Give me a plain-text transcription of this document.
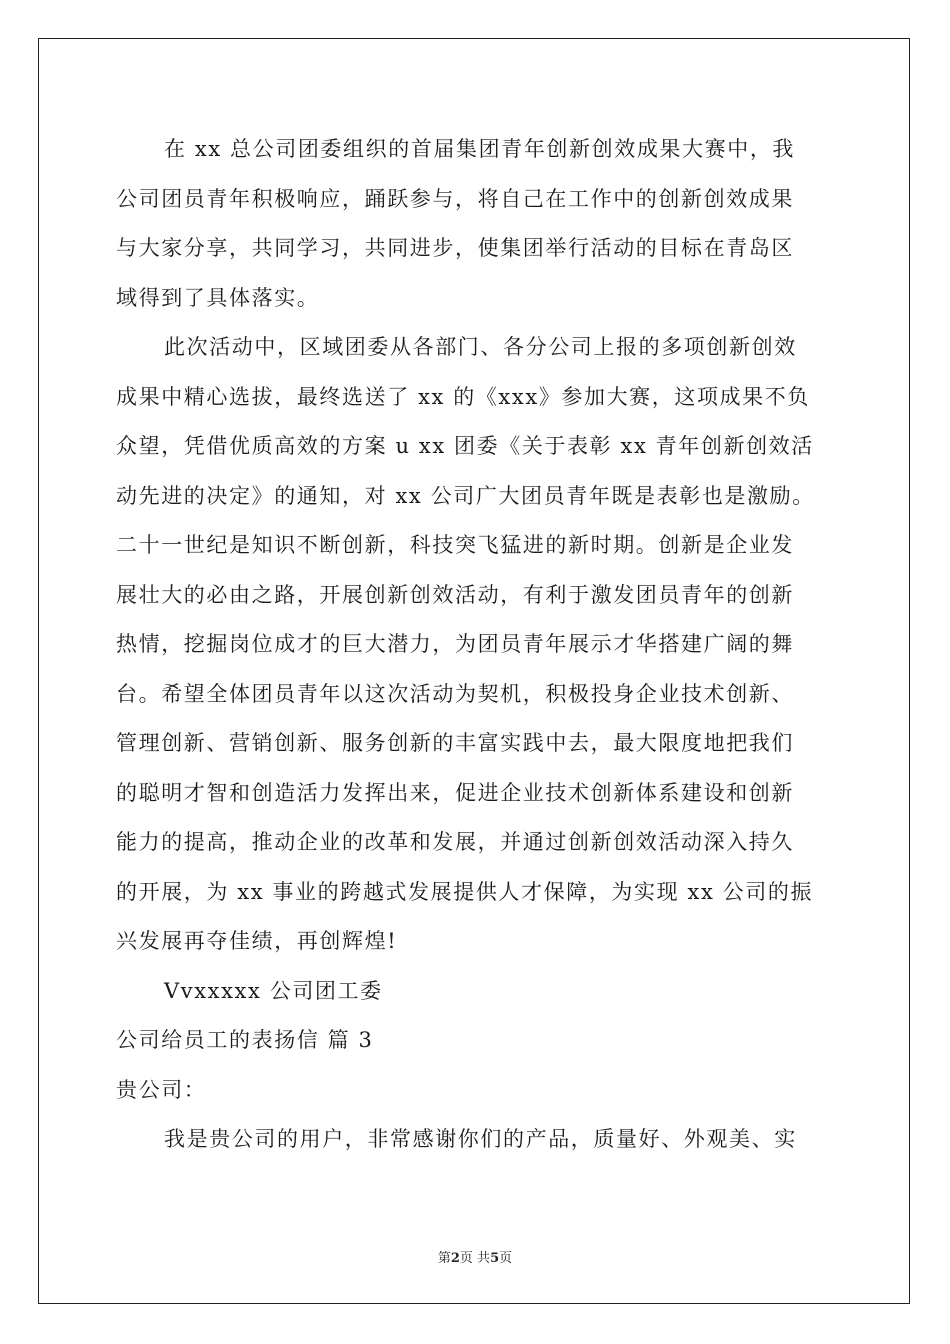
在 xx 总公司团委组织的首届集团青年创新创效成果大赛中，我
公司团员青年积极响应，踊跃参与，将自己在工作中的创新创效成果
与大家分享，共同学习，共同进步，使集团举行活动的目标在青岛区
域得到了具体落实。
此次活动中，区域团委从各部门、各分公司上报的多项创新创效
成果中精心选拔，最终选送了 xx 的《xxx》参加大赛，这项成果不负
众望，凭借优质高效的方案 u xx 团委《关于表彰 xx 青年创新创效活
动先进的决定》的通知，对 xx 公司广大团员青年既是表彰也是激励。
二十一世纪是知识不断创新，科技突飞猛进的新时期。创新是企业发
展壮大的必由之路，开展创新创效活动，有利于激发团员青年的创新
热情，挖掘岗位成才的巨大潜力，为团员青年展示才华搭建广阔的舞
台。希望全体团员青年以这次活动为契机，积极投身企业技术创新、
管理创新、营销创新、服务创新的丰富实践中去，最大限度地把我们
的聪明才智和创造活力发挥出来，促进企业技术创新体系建设和创新
能力的提高，推动企业的改革和发展，并通过创新创效活动深入持久
的开展，为 xx 事业的跨越式发展提供人才保障，为实现 xx 公司的振
兴发展再夺佳绩，再创辉煌!
Vvxxxxx 公司团工委
公司给员工的表扬信 篇 3
贵公司：
我是贵公司的用户，非常感谢你们的产品，质量好、外观美、实
第2页 共5页
